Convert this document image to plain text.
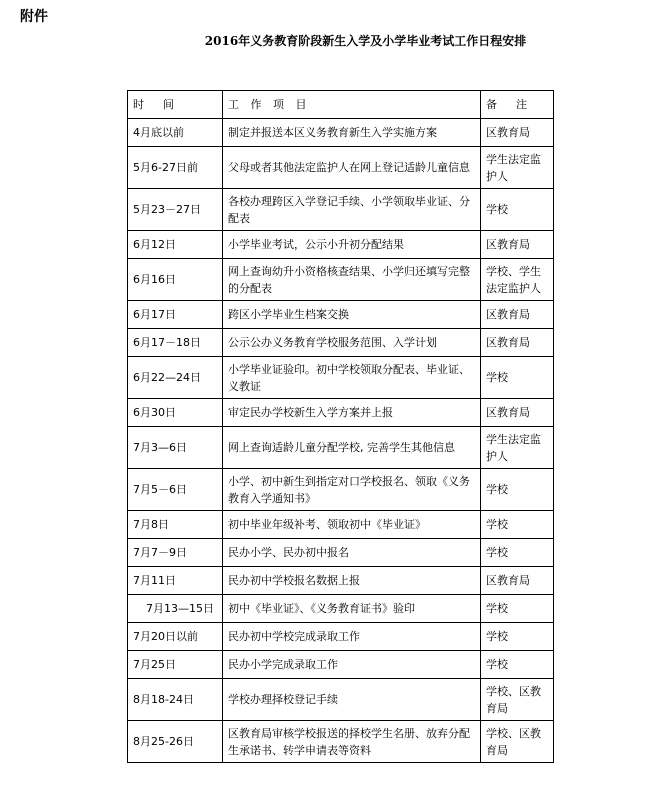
附件
2016年义务教育阶段新生入学及小学毕业考试工作日程安排
时　间	工 作 项 目	备　注
4月底以前	制定并报送本区义务教育新生入学实施方案	区教育局
5月6-27日前	父母或者其他法定监护人在网上登记适龄儿童信息	学生法定监护人
5月23－27日	各校办理跨区入学登记手续、小学领取毕业证、分配表	学校
6月12日	小学毕业考试，公示小升初分配结果	区教育局
6月16日	网上查询幼升小资格核查结果、小学归还填写完整的分配表	学校、学生法定监护人
6月17日	跨区小学毕业生档案交换	区教育局
6月17－18日	公示公办义务教育学校服务范围、入学计划	区教育局
6月22—24日	小学毕业证验印。初中学校领取分配表、毕业证、义教证	学校
6月30日	审定民办学校新生入学方案并上报	区教育局
7月3—6日	网上查询适龄儿童分配学校, 完善学生其他信息	学生法定监护人
7月5－6日	小学、初中新生到指定对口学校报名、领取《义务教育入学通知书》	学校
7月8日	初中毕业年级补考、领取初中《毕业证》	学校
7月7－9日	民办小学、民办初中报名	学校
7月11日	民办初中学校报名数据上报	区教育局
7月13—15日	初中《毕业证》、《义务教育证书》验印	学校
7月20日以前	民办初中学校完成录取工作	学校
7月25日	民办小学完成录取工作	学校
8月18-24日	学校办理择校登记手续	学校、区教育局
8月25-26日	区教育局审核学校报送的择校学生名册、放弃分配生承诺书、转学申请表等资料	学校、区教育局
